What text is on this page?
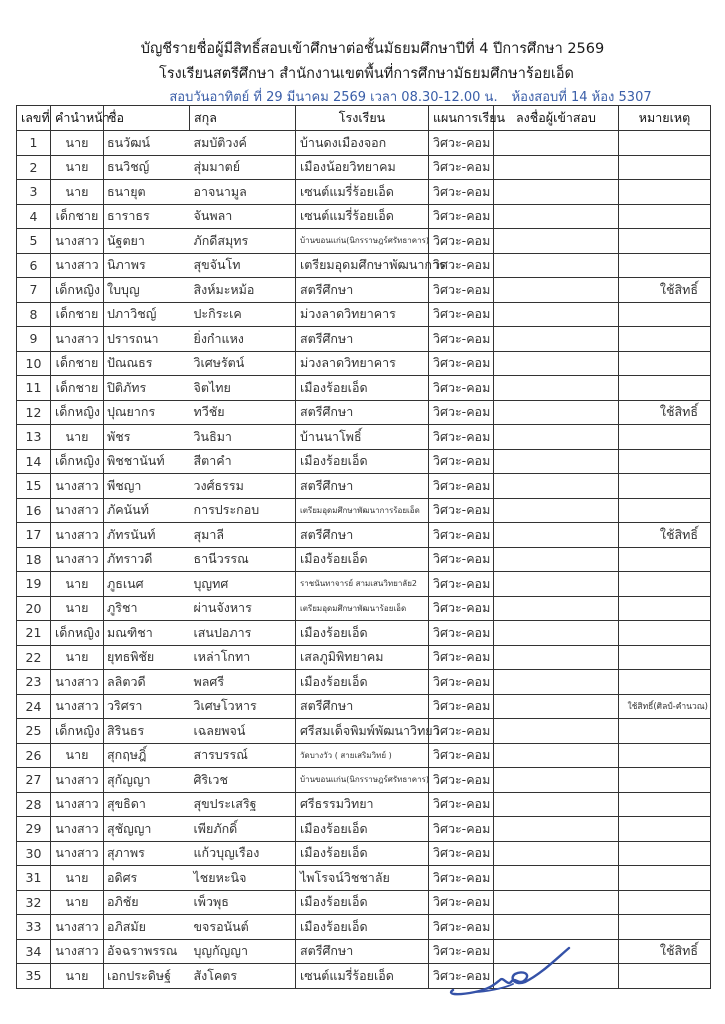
บัญชีรายชื่อผู้มีสิทธิ์สอบเข้าศึกษาต่อชั้นมัธยมศึกษาปีที่ 4 ปีการศึกษา 2569
โรงเรียนสตรีศึกษา สำนักงานเขตพื้นที่การศึกษามัธยมศึกษาร้อยเอ็ด
สอบวันอาทิตย์ ที่ 29 มีนาคม 2569 เวลา 08.30-12.00 น. ห้องสอบที่ 14 ห้อง 5307
เลขที่	คำนำหน้า	ชื่อ	สกุล	โรงเรียน	แผนการเรียน	ลงชื่อผู้เข้าสอบ	หมายเหตุ
1	นาย	ธนวัฒน์	สมบัติวงค์	บ้านดงเมืองจอก	วิศวะ-คอม		
2	นาย	ธนวิชญ์	สุ่มมาตย์	เมืองน้อยวิทยาคม	วิศวะ-คอม		
3	นาย	ธนายุต	อาจนามูล	เซนต์แมรี่ร้อยเอ็ด	วิศวะ-คอม		
4	เด็กชาย	ธาราธร	จันพลา	เซนต์แมรี่ร้อยเอ็ด	วิศวะ-คอม		
5	นางสาว	นัฐตยา	ภักดีสมุทร	บ้านขอนแก่น(นิกรราษฎร์ศรัทธาคาร)	วิศวะ-คอม		
6	นางสาว	นิภาพร	สุขจันโท	เตรียมอุดมศึกษาพัฒนาการ	วิศวะ-คอม		
7	เด็กหญิง	ใบบุญ	สิงห์มะหม้อ	สตรีศึกษา	วิศวะ-คอม		ใช้สิทธิ์
8	เด็กชาย	ปภาวิชญ์	ปะกิระเค	ม่วงลาดวิทยาคาร	วิศวะ-คอม		
9	นางสาว	ปรารถนา	ยิ่งกำแหง	สตรีศึกษา	วิศวะ-คอม		
10	เด็กชาย	ปัณณธร	วิเศษรัตน์	ม่วงลาดวิทยาคาร	วิศวะ-คอม		
11	เด็กชาย	ปิติภัทร	จิตไทย	เมืองร้อยเอ็ด	วิศวะ-คอม		
12	เด็กหญิง	ปุณยากร	ทวีชัย	สตรีศึกษา	วิศวะ-คอม		ใช้สิทธิ์
13	นาย	พัชร	วินธิมา	บ้านนาโพธิ์	วิศวะ-คอม		
14	เด็กหญิง	พิชชานันท์	สีตาคำ	เมืองร้อยเอ็ด	วิศวะ-คอม		
15	นางสาว	พีชญา	วงศ์ธรรม	สตรีศึกษา	วิศวะ-คอม		
16	นางสาว	ภัคนันท์	การประกอบ	เตรียมอุดมศึกษาพัฒนาการร้อยเอ็ด	วิศวะ-คอม		
17	นางสาว	ภัทรนันท์	สุมาลี	สตรีศึกษา	วิศวะ-คอม		ใช้สิทธิ์
18	นางสาว	ภัทราวดี	ธานีวรรณ	เมืองร้อยเอ็ด	วิศวะ-คอม		
19	นาย	ภูธเนศ	บุญทศ	ราชนันทาจารย์ สามเสนวิทยาลัย2	วิศวะ-คอม		
20	นาย	ภูริชา	ผ่านจังหาร	เตรียมอุดมศึกษาพัฒนาร้อยเอ็ด	วิศวะ-คอม		
21	เด็กหญิง	มณฑิชา	เสนปอภาร	เมืองร้อยเอ็ด	วิศวะ-คอม		
22	นาย	ยุทธพิชัย	เหล่าโกทา	เสลภูมิพิทยาคม	วิศวะ-คอม		
23	นางสาว	ลลิตวดี	พลศรี	เมืองร้อยเอ็ด	วิศวะ-คอม		
24	นางสาว	วริศรา	วิเศษโวหาร	สตรีศึกษา	วิศวะ-คอม		ใช้สิทธิ์(ศิลป์-คำนวณ)
25	เด็กหญิง	สิรินธร	เฉลยพจน์	ศรีสมเด็จพิมพ์พัฒนาวิทยา	วิศวะ-คอม		
26	นาย	สุกฤษฎิ์	สารบรรณ์	วัดบางวัว ( สายเสริมวิทย์ )	วิศวะ-คอม		
27	นางสาว	สุกัญญา	ศิริเวช	บ้านขอนแก่น(นิกรราษฎร์ศรัทธาคาร)	วิศวะ-คอม		
28	นางสาว	สุขธิดา	สุขประเสริฐ	ศรีธรรมวิทยา	วิศวะ-คอม		
29	นางสาว	สุชัญญา	เพียภักดิ์	เมืองร้อยเอ็ด	วิศวะ-คอม		
30	นางสาว	สุภาพร	แก้วบุญเรือง	เมืองร้อยเอ็ด	วิศวะ-คอม		
31	นาย	อดิศร	ไชยหะนิจ	ไพโรจน์วิชชาลัย	วิศวะ-คอม		
32	นาย	อภิชัย	เพ็วพุธ	เมืองร้อยเอ็ด	วิศวะ-คอม		
33	นางสาว	อภิสมัย	ขจรอนันต์	เมืองร้อยเอ็ด	วิศวะ-คอม		
34	นางสาว	อัจฉราพรรณ	บุญกัญญา	สตรีศึกษา	วิศวะ-คอม		ใช้สิทธิ์
35	นาย	เอกประดิษฐ์	สังโคตร	เซนต์แมรี่ร้อยเอ็ด	วิศวะ-คอม		
